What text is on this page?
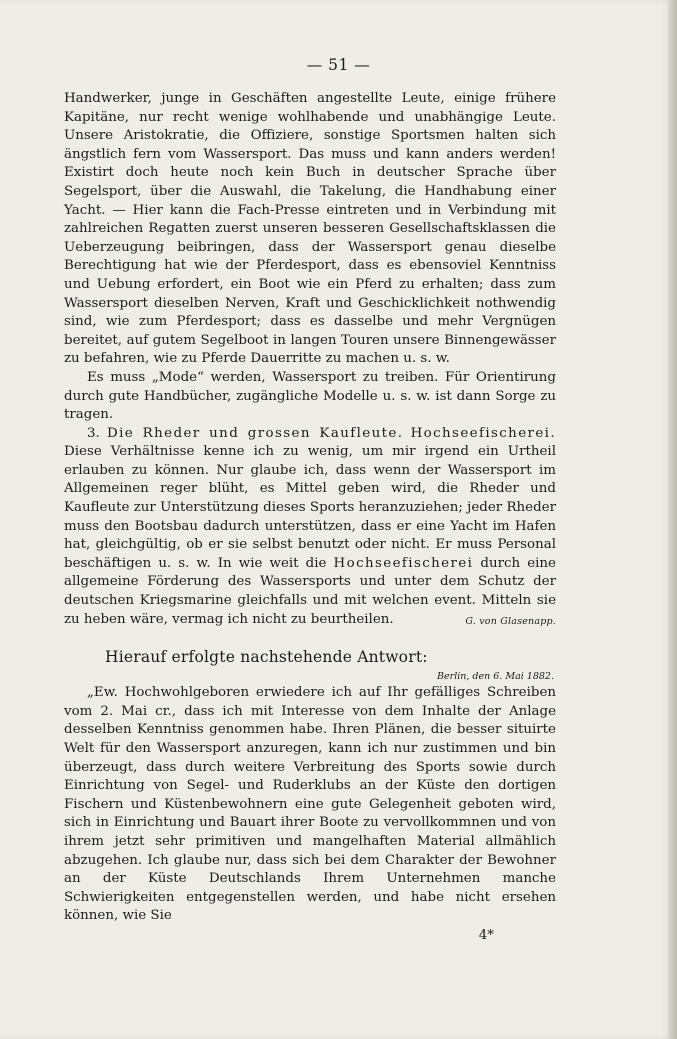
— 51 —

Handwerker, junge in Geschäften angestellte Leute, einige frühere Kapitäne, nur recht wenige wohlhabende und unabhängige Leute. Unsere Aristokratie, die Offiziere, sonstige Sportsmen halten sich ängstlich fern vom Wassersport. Das muss und kann anders werden! Existirt doch heute noch kein Buch in deutscher Sprache über Segelsport, über die Auswahl, die Takelung, die Handhabung einer Yacht. — Hier kann die Fach-Presse eintreten und in Verbindung mit zahlreichen Regatten zuerst unseren besseren Gesellschaftsklassen die Ueberzeugung beibringen, dass der Wassersport genau dieselbe Berechtigung hat wie der Pferdesport, dass es ebensoviel Kenntniss und Uebung erfordert, ein Boot wie ein Pferd zu erhalten; dass zum Wassersport dieselben Nerven, Kraft und Geschicklichkeit nothwendig sind, wie zum Pferdesport; dass es dasselbe und mehr Vergnügen bereitet, auf gutem Segelboot in langen Touren unsere Binnengewässer zu befahren, wie zu Pferde Dauerritte zu machen u. s. w.

Es muss „Mode“ werden, Wassersport zu treiben. Für Orientirung durch gute Handbücher, zugängliche Modelle u. s. w. ist dann Sorge zu tragen.

3. Die Rheder und grossen Kaufleute. Hochseefischerei. Diese Verhältnisse kenne ich zu wenig, um mir irgend ein Urtheil erlauben zu können. Nur glaube ich, dass wenn der Wassersport im Allgemeinen reger blüht, es Mittel geben wird, die Rheder und Kaufleute zur Unterstützung dieses Sports heranzuziehen; jeder Rheder muss den Bootsbau dadurch unterstützen, dass er eine Yacht im Hafen hat, gleichgültig, ob er sie selbst benutzt oder nicht. Er muss Personal beschäftigen u. s. w. In wie weit die Hochseefischerei durch eine allgemeine Förderung des Wassersports und unter dem Schutz der deutschen Kriegsmarine gleichfalls und mit welchen event. Mitteln sie zu heben wäre, vermag ich nicht zu beurtheilen.	G. von Glasenapp.

Hierauf erfolgte nachstehende Antwort:

Berlin, den 6. Mai 1882.

„Ew. Hochwohlgeboren erwiedere ich auf Ihr gefälliges Schreiben vom 2. Mai cr., dass ich mit Interesse von dem Inhalte der Anlage desselben Kenntniss genommen habe. Ihren Plänen, die besser situirte Welt für den Wassersport anzuregen, kann ich nur zustimmen und bin überzeugt, dass durch weitere Verbreitung des Sports sowie durch Einrichtung von Segel- und Ruderklubs an der Küste den dortigen Fischern und Küstenbewohnern eine gute Gelegenheit geboten wird, sich in Einrichtung und Bauart ihrer Boote zu vervollkommnen und von ihrem jetzt sehr primitiven und mangelhaften Material allmählich abzugehen. Ich glaube nur, dass sich bei dem Charakter der Bewohner an der Küste Deutschlands Ihrem Unternehmen manche Schwierigkeiten entgegenstellen werden, und habe nicht ersehen können, wie Sie

4*
